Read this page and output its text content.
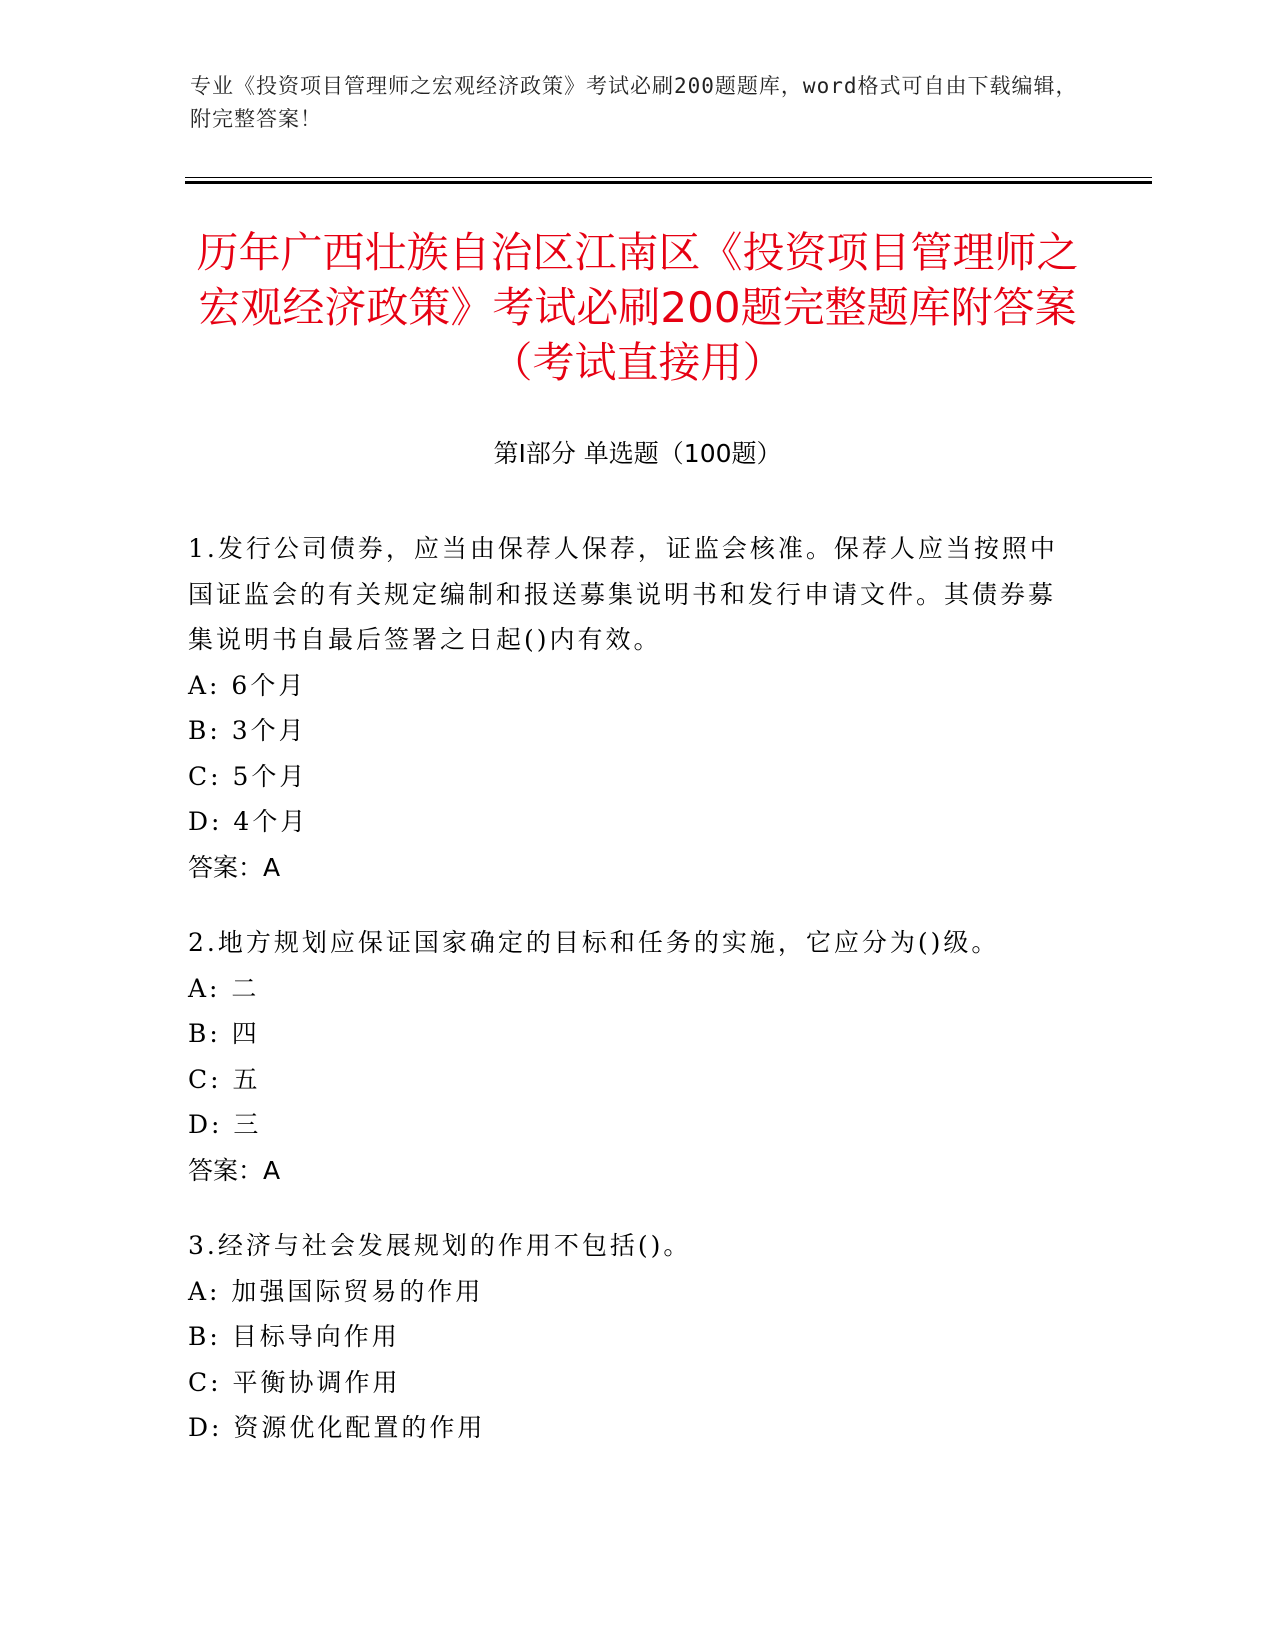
专业《投资项目管理师之宏观经济政策》考试必刷200题题库，word格式可自由下载编辑，附完整答案！
历年广西壮族自治区江南区《投资项目管理师之宏观经济政策》考试必刷200题完整题库附答案（考试直接用）
第I部分 单选题（100题）

1.发行公司债券，应当由保荐人保荐，证监会核准。保荐人应当按照中国证监会的有关规定编制和报送募集说明书和发行申请文件。其债券募集说明书自最后签署之日起()内有效。

A: 6个月

B: 3个月

C: 5个月

D: 4个月

答案：A

2.地方规划应保证国家确定的目标和任务的实施，它应分为()级。

A: 二

B: 四

C: 五

D: 三

答案：A

3.经济与社会发展规划的作用不包括()。

A: 加强国际贸易的作用

B: 目标导向作用

C: 平衡协调作用

D: 资源优化配置的作用
